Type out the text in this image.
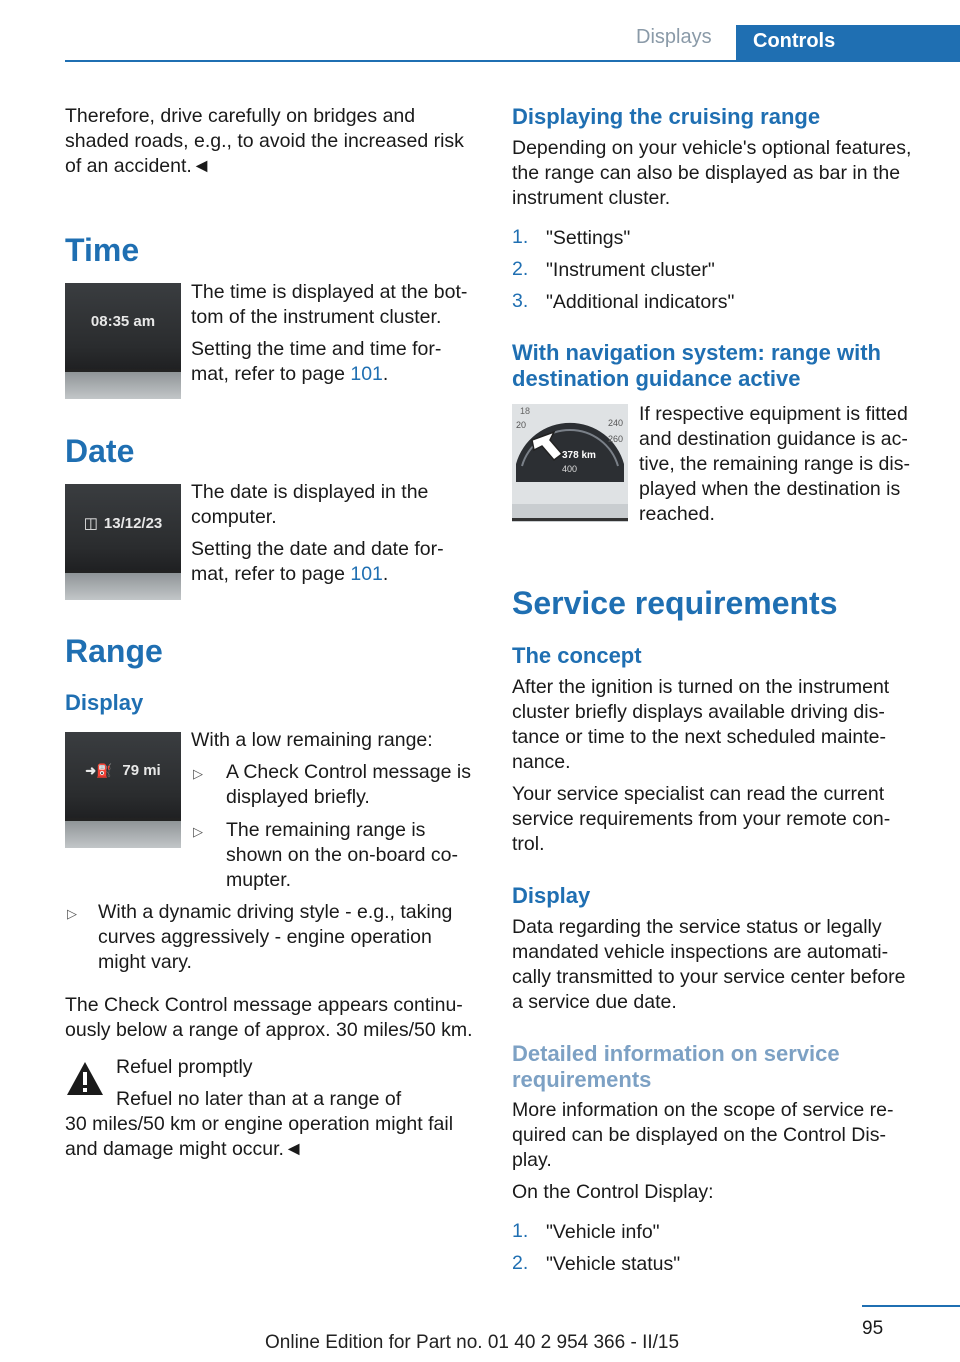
Displays	Controls
Therefore, drive carefully on bridges and
shaded roads, e.g., to avoid the increased risk
of an accident.◄
Time
08:35 am
The time is displayed at the bot‐
tom of the instrument cluster.
Setting the time and time for‐
mat, refer to page 101.
Date
◫ 13/12/23
The date is displayed in the
computer.
Setting the date and date for‐
mat, refer to page 101.
Range
Display
➜⛽ 79 mi
With a low remaining range:
▷ A Check Control message is
displayed briefly.
▷ The remaining range is
shown on the on-board co‐
mupter.
▷ With a dynamic driving style - e.g., taking
curves aggressively - engine operation
might vary.
The Check Control message appears continu‐
ously below a range of approx. 30 miles/50 km.
Refuel promptly
Refuel no later than at a range of
30 miles/50 km or engine operation might fail
and damage might occur.◄
Displaying the cruising range
Depending on your vehicle's optional features,
the range can also be displayed as bar in the
instrument cluster.
1. "Settings"
2. "Instrument cluster"
3. "Additional indicators"
With navigation system: range with
destination guidance active
18
20	240
260
378 km
400
If respective equipment is fitted
and destination guidance is ac‐
tive, the remaining range is dis‐
played when the destination is
reached.
Service requirements
The concept
After the ignition is turned on the instrument
cluster briefly displays available driving dis‐
tance or time to the next scheduled mainte‐
nance.
Your service specialist can read the current
service requirements from your remote con‐
trol.
Display
Data regarding the service status or legally
mandated vehicle inspections are automati‐
cally transmitted to your service center before
a service due date.
Detailed information on service
requirements
More information on the scope of service re‐
quired can be displayed on the Control Dis‐
play.
On the Control Display:
1. "Vehicle info"
2. "Vehicle status"
95
Online Edition for Part no. 01 40 2 954 366 - II/15
